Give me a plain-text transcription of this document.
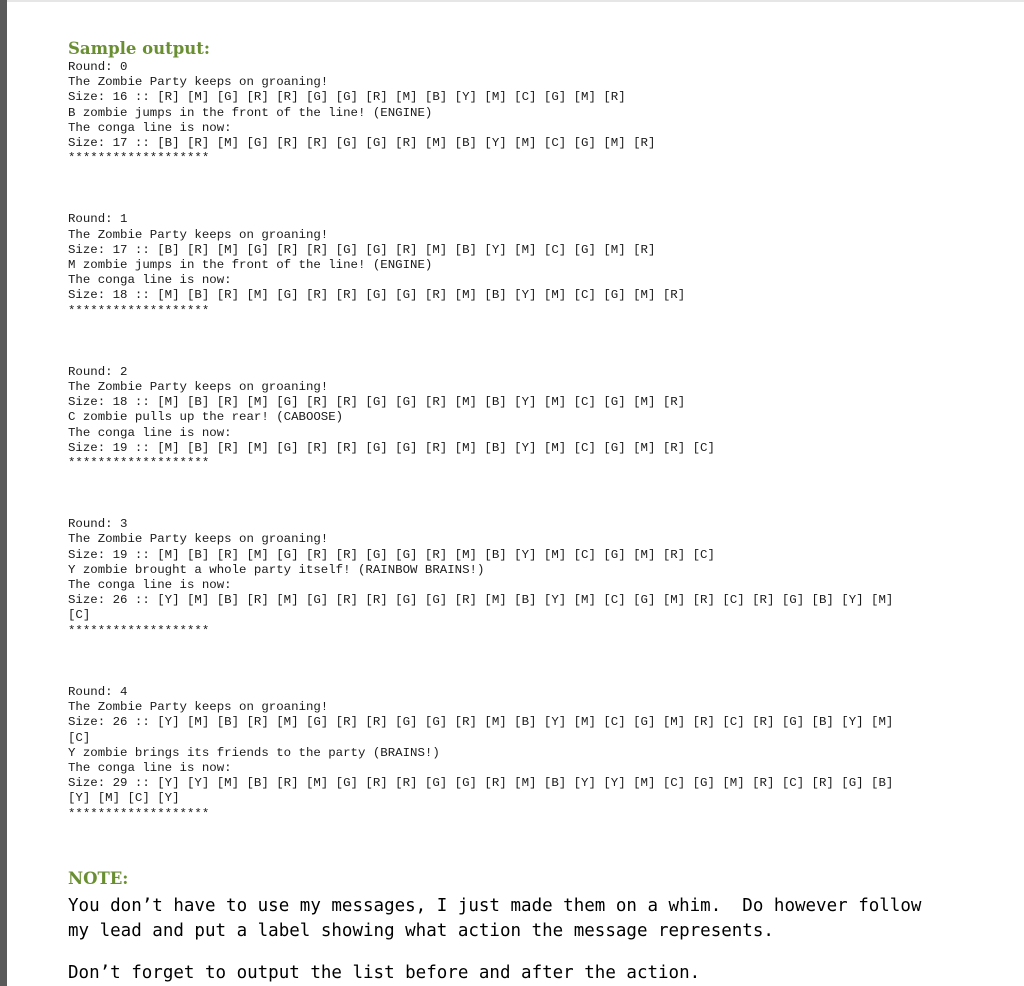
Sample output:
Round: 0
The Zombie Party keeps on groaning!
Size: 16 :: [R] [M] [G] [R] [R] [G] [G] [R] [M] [B] [Y] [M] [C] [G] [M] [R]
B zombie jumps in the front of the line! (ENGINE)
The conga line is now:
Size: 17 :: [B] [R] [M] [G] [R] [R] [G] [G] [R] [M] [B] [Y] [M] [C] [G] [M] [R]
*******************
Round: 1
The Zombie Party keeps on groaning!
Size: 17 :: [B] [R] [M] [G] [R] [R] [G] [G] [R] [M] [B] [Y] [M] [C] [G] [M] [R]
M zombie jumps in the front of the line! (ENGINE)
The conga line is now:
Size: 18 :: [M] [B] [R] [M] [G] [R] [R] [G] [G] [R] [M] [B] [Y] [M] [C] [G] [M] [R]
*******************
Round: 2
The Zombie Party keeps on groaning!
Size: 18 :: [M] [B] [R] [M] [G] [R] [R] [G] [G] [R] [M] [B] [Y] [M] [C] [G] [M] [R]
C zombie pulls up the rear! (CABOOSE)
The conga line is now:
Size: 19 :: [M] [B] [R] [M] [G] [R] [R] [G] [G] [R] [M] [B] [Y] [M] [C] [G] [M] [R] [C]
*******************
Round: 3
The Zombie Party keeps on groaning!
Size: 19 :: [M] [B] [R] [M] [G] [R] [R] [G] [G] [R] [M] [B] [Y] [M] [C] [G] [M] [R] [C]
Y zombie brought a whole party itself! (RAINBOW BRAINS!)
The conga line is now:
Size: 26 :: [Y] [M] [B] [R] [M] [G] [R] [R] [G] [G] [R] [M] [B] [Y] [M] [C] [G] [M] [R] [C] [R] [G] [B] [Y] [M]
[C]
*******************
Round: 4
The Zombie Party keeps on groaning!
Size: 26 :: [Y] [M] [B] [R] [M] [G] [R] [R] [G] [G] [R] [M] [B] [Y] [M] [C] [G] [M] [R] [C] [R] [G] [B] [Y] [M]
[C]
Y zombie brings its friends to the party (BRAINS!)
The conga line is now:
Size: 29 :: [Y] [Y] [M] [B] [R] [M] [G] [R] [R] [G] [G] [R] [M] [B] [Y] [Y] [M] [C] [G] [M] [R] [C] [R] [G] [B]
[Y] [M] [C] [Y]
*******************
NOTE:

You don’t have to use my messages, I just made them on a whim.  Do however follow
my lead and put a label showing what action the message represents.

Don’t forget to output the list before and after the action.
